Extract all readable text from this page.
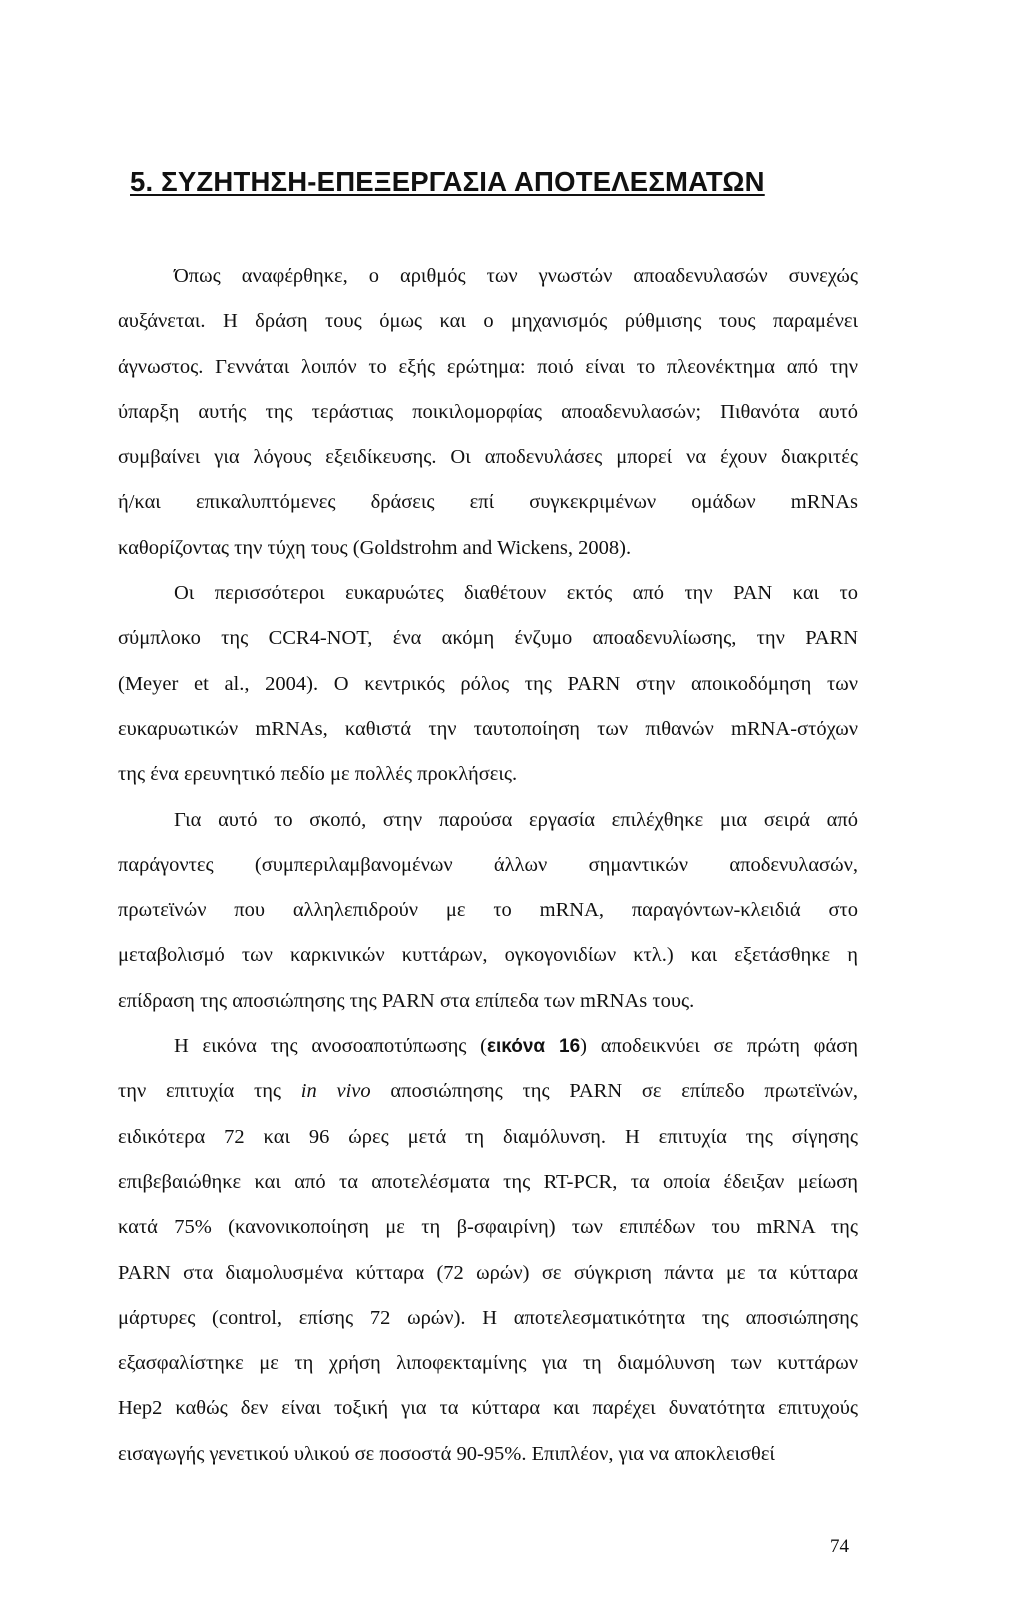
5. ΣΥΖΗΤΗΣΗ-ΕΠΕΞΕΡΓΑΣΙΑ ΑΠΟΤΕΛΕΣΜΑΤΩΝ

Όπως αναφέρθηκε, ο αριθμός των γνωστών αποαδενυλασών συνεχώς
αυξάνεται. Η δράση τους όμως και ο μηχανισμός ρύθμισης τους παραμένει
άγνωστος. Γεννάται λοιπόν το εξής ερώτημα: ποιό είναι το πλεονέκτημα από την
ύπαρξη αυτής της τεράστιας ποικιλομορφίας αποαδενυλασών; Πιθανότα αυτό
συμβαίνει για λόγους εξειδίκευσης. Οι αποδενυλάσες μπορεί να έχουν διακριτές
ή/και επικαλυπτόμενες δράσεις επί συγκεκριμένων ομάδων mRNAs
καθορίζοντας την τύχη τους (Goldstrohm and Wickens, 2008).

Οι περισσότεροι ευκαρυώτες διαθέτουν εκτός από την PAN και το
σύμπλοκο της CCR4-NOT, ένα ακόμη ένζυμο αποαδενυλίωσης, την PARN
(Meyer et al., 2004). Ο κεντρικός ρόλος της PARN στην αποικοδόμηση των
ευκαρυωτικών mRNAs, καθιστά την ταυτοποίηση των πιθανών mRNA-στόχων
της ένα ερευνητικό πεδίο με πολλές προκλήσεις.

Για αυτό το σκοπό, στην παρούσα εργασία επιλέχθηκε μια σειρά από
παράγοντες (συμπεριλαμβανομένων άλλων σημαντικών αποδενυλασών,
πρωτεϊνών που αλληλεπιδρούν με το mRNA, παραγόντων-κλειδιά στο
μεταβολισμό των καρκινικών κυττάρων, ογκογονιδίων κτλ.) και εξετάσθηκε η
επίδραση της αποσιώπησης της PARN στα επίπεδα των mRNAs τους.

Η εικόνα της ανοσοαποτύπωσης (εικόνα 16) αποδεικνύει σε πρώτη φάση
την επιτυχία της in vivo αποσιώπησης της PARN σε επίπεδο πρωτεϊνών,
ειδικότερα 72 και 96 ώρες μετά τη διαμόλυνση. Η επιτυχία της σίγησης
επιβεβαιώθηκε και από τα αποτελέσματα της RT-PCR, τα οποία έδειξαν μείωση
κατά 75% (κανονικοποίηση με τη β-σφαιρίνη) των επιπέδων του mRNA της
PARN στα διαμολυσμένα κύτταρα (72 ωρών) σε σύγκριση πάντα με τα κύτταρα
μάρτυρες (control, επίσης 72 ωρών). Η αποτελεσματικότητα της αποσιώπησης
εξασφαλίστηκε με τη χρήση λιποφεκταμίνης για τη διαμόλυνση των κυττάρων
Hep2 καθώς δεν είναι τοξική για τα κύτταρα και παρέχει δυνατότητα επιτυχούς
εισαγωγής γενετικού υλικού σε ποσοστά 90-95%. Επιπλέον, για να αποκλεισθεί

74
